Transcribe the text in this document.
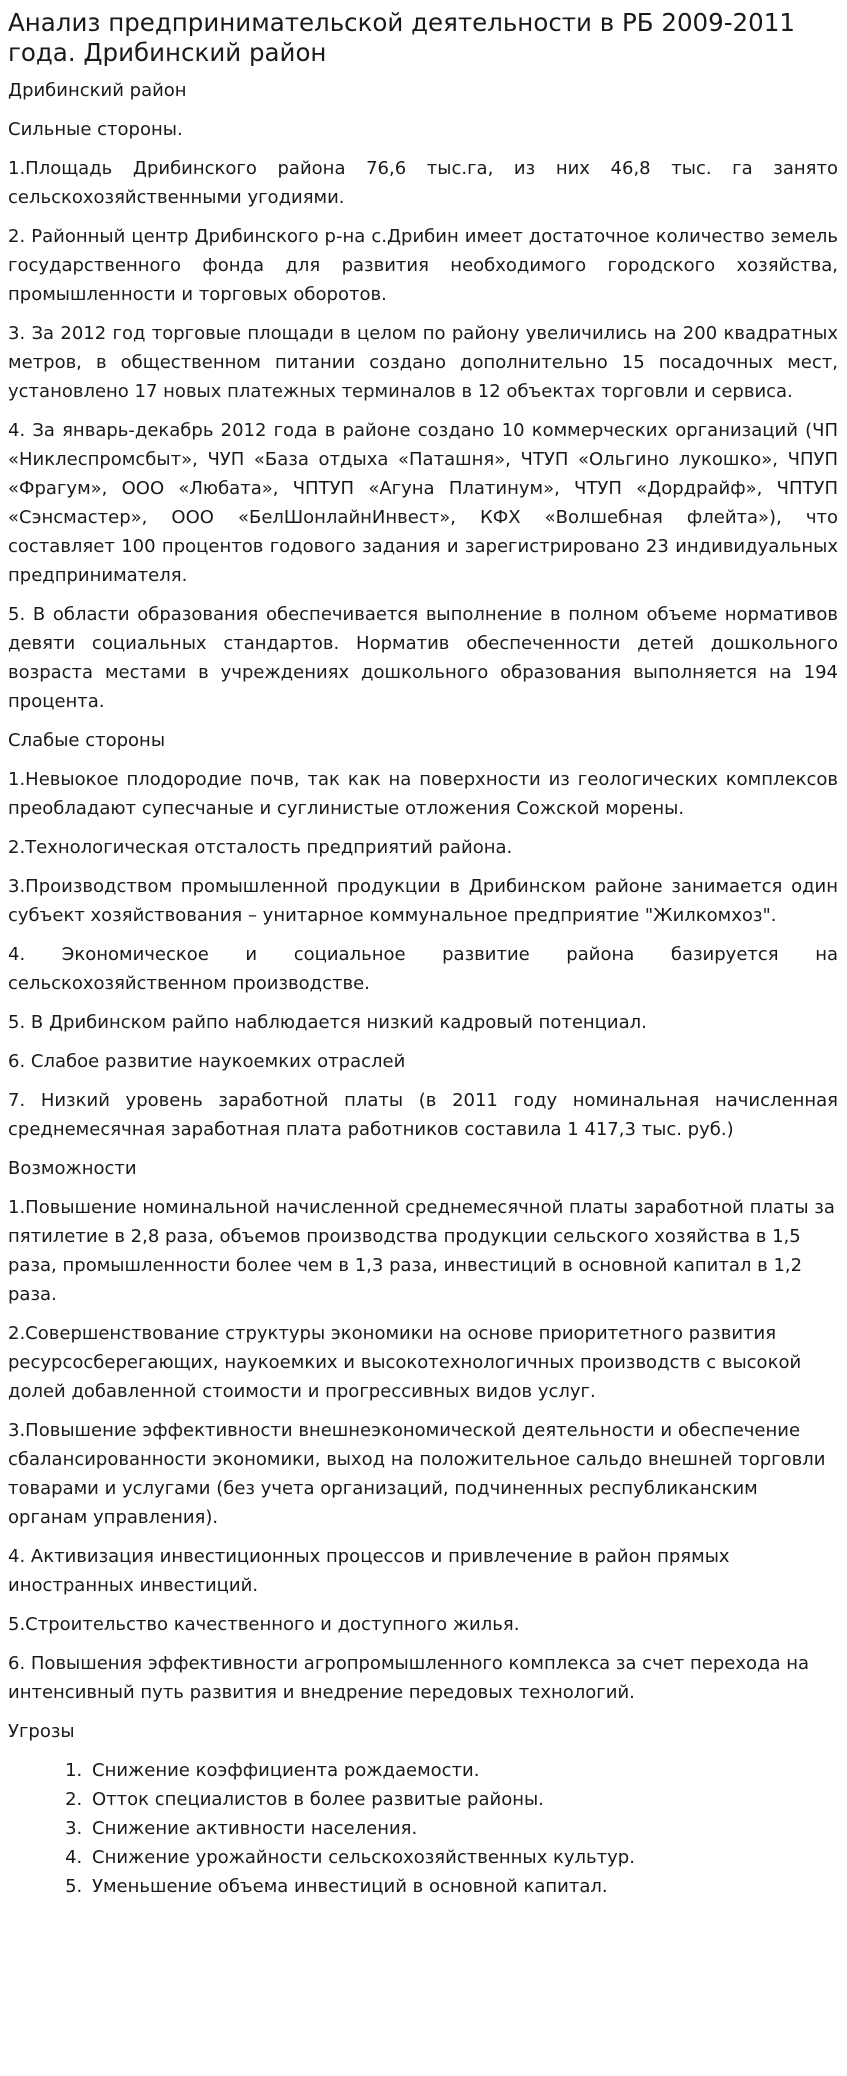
Анализ предпринимательской деятельности в РБ 2009-2011 года. Дрибинский район

Дрибинский район

Сильные стороны.

1.Площадь Дрибинского района 76,6 тыс.га, из них 46,8 тыс. га занято сельскохозяйственными угодиями.

2. Районный центр Дрибинского р-на с.Дрибин имеет достаточное количество земель государственного фонда для развития необходимого городского хозяйства, промышленности и торговых оборотов.

3. За 2012 год торговые площади в целом по району увеличились на 200 квадратных метров, в общественном питании создано дополнительно 15 посадочных мест, установлено 17 новых платежных терминалов в 12 объектах торговли и сервиса.

4. За январь-декабрь 2012 года в районе создано 10 коммерческих организаций (ЧП «Никлеспромсбыт», ЧУП «База отдыха «Паташня», ЧТУП «Ольгино лукошко», ЧПУП «Фрагум», ООО «Любата», ЧПТУП «Агуна Платинум», ЧТУП «Дордрайф», ЧПТУП «Сэнсмастер», ООО «БелШонлайнИнвест», КФХ «Волшебная флейта»), что составляет 100 процентов годового задания и зарегистрировано 23 индивидуальных предпринимателя.

5. В области образования обеспечивается выполнение в полном объеме нормативов девяти социальных стандартов. Норматив обеспеченности детей дошкольного возраста местами в учреждениях дошкольного образования выполняется на 194 процента.

Слабые стороны

1.Невыокое плодородие почв, так как на поверхности из геологических комплексов преобладают супесчаные и суглинистые отложения Сожской морены.

2.Технологическая отсталость предприятий района.

3.Производством промышленной продукции в Дрибинском районе занимается один субъект хозяйствования – унитарное коммунальное предприятие "Жилкомхоз".

4. Экономическое и социальное развитие района базируется на сельскохозяйственном производстве.

5. В Дрибинском райпо наблюдается низкий кадровый потенциал.

6. Слабое развитие наукоемких отраслей

7. Низкий уровень заработной платы (в 2011 году номинальная начисленная среднемесячная заработная плата работников составила 1 417,3 тыс. руб.)

Возможности

1.Повышение номинальной начисленной среднемесячной платы заработной платы за пятилетие в 2,8 раза, объемов производства продукции сельского хозяйства в 1,5 раза, промышленности более чем в 1,3 раза, инвестиций в основной капитал в 1,2 раза.

2.Совершенствование структуры экономики на основе приоритетного развития ресурсосберегающих, наукоемких и высокотехнологичных производств с высокой долей добавленной стоимости и прогрессивных видов услуг.

3.Повышение эффективности внешнеэкономической деятельности и обеспечение сбалансированности экономики, выход на положительное сальдо внешней торговли товарами и услугами (без учета организаций, подчиненных республиканским органам управления).

4. Активизация инвестиционных процессов и привлечение в район прямых иностранных инвестиций.

5.Строительство качественного и доступного жилья.

6. Повышения эффективности агропромышленного комплекса за счет перехода на интенсивный путь развития и внедрение передовых технологий.

Угрозы

1. Снижение коэффициента рождаемости.
2. Отток специалистов в более развитые районы.
3. Снижение активности населения.
4. Снижение урожайности сельскохозяйственных культур.
5. Уменьшение объема инвестиций в основной капитал.
